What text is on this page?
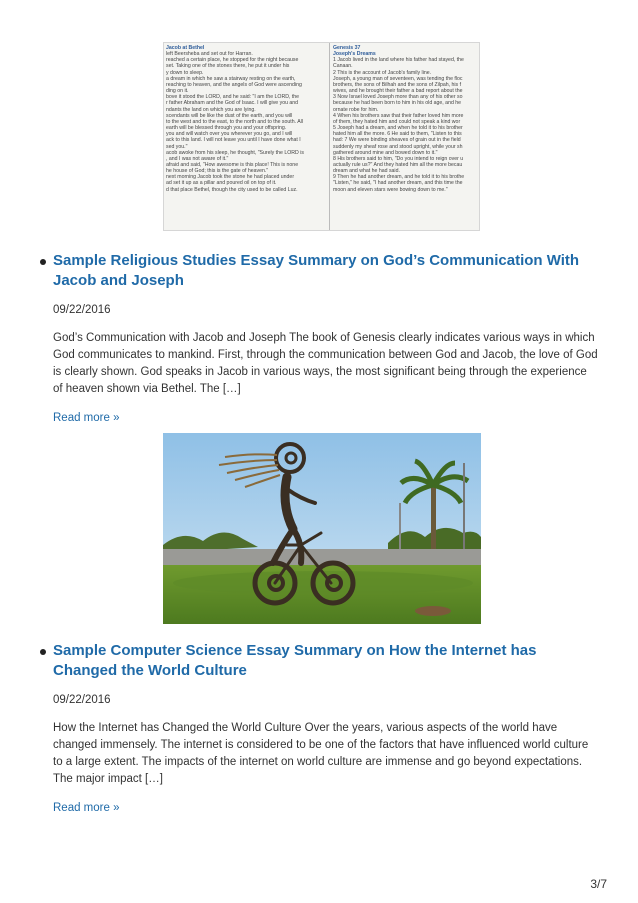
Jacob at Bethel
left Beersheba and set out for Harran.
reached a certain place, he stopped for the night because
set. Taking one of the stones there, he put it under his
y down to sleep.
a dream in which he saw a stairway resting on the earth,
reaching to heaven, and the angels of God were ascending
ding on it.
bove it stood the LORD, and he said: "I am the LORD, the
r father Abraham and the God of Isaac. I will give you and
ndants the land on which you are lying.
scendants will be like the dust of the earth, and you will
to the west and to the east, to the north and to the south. All
earth will be blessed through you and your offspring.
you and will watch over you wherever you go, and I will
ack to this land. I will not leave you until I have done what I
sed you."
acob awoke from his sleep, he thought, "Surely the LORD is
, and I was not aware of it."
afraid and said, "How awesome is this place! This is none
he house of God; this is the gate of heaven."
next morning Jacob took the stone he had placed under
ad set it up as a pillar and poured oil on top of it.
d that place Bethel, though the city used to be called Luz.
Genesis 37
Joseph's Dreams
1 Jacob lived in the land where his father had stayed, the
Canaan.
2 This is the account of Jacob's family line.
Joseph, a young man of seventeen, was tending the floc
brothers, the sons of Bilhah and the sons of Zilpah, his f
wives, and he brought their father a bad report about the
3 Now Israel loved Joseph more than any of his other so
because he had been born to him in his old age, and he
ornate robe for him.
4 When his brothers saw that their father loved him more
of them, they hated him and could not speak a kind wor
5 Joseph had a dream, and when he told it to his brother
hated him all the more. 6 He said to them, "Listen to this
had: 7 We were binding sheaves of grain out in the field
suddenly my sheaf rose and stood upright, while your sh
gathered around mine and bowed down to it."
8 His brothers said to him, "Do you intend to reign over u
actually rule us?" And they hated him all the more becau
dream and what he had said.
9 Then he had another dream, and he told it to his brothe
"Listen," he said, "I had another dream, and this time the
moon and eleven stars were bowing down to me."
Sample Religious Studies Essay Summary on God’s Communication With Jacob and Joseph
09/22/2016
God’s Communication with Jacob and Joseph The book of Genesis clearly indicates various ways in which God communicates to mankind. First, through the communication between God and Jacob, the love of God is clearly shown. God speaks in Jacob in various ways, the most significant being through the experience of heaven shown via Bethel. The […]
Read more »
Sample Computer Science Essay Summary on How the Internet has Changed the World Culture
09/22/2016
How the Internet has Changed the World Culture Over the years, various aspects of the world have changed immensely. The internet is considered to be one of the factors that have influenced world culture to a large extent. The impacts of the internet on world culture are immense and go beyond expectations. The major impact […]
Read more »
3/7
